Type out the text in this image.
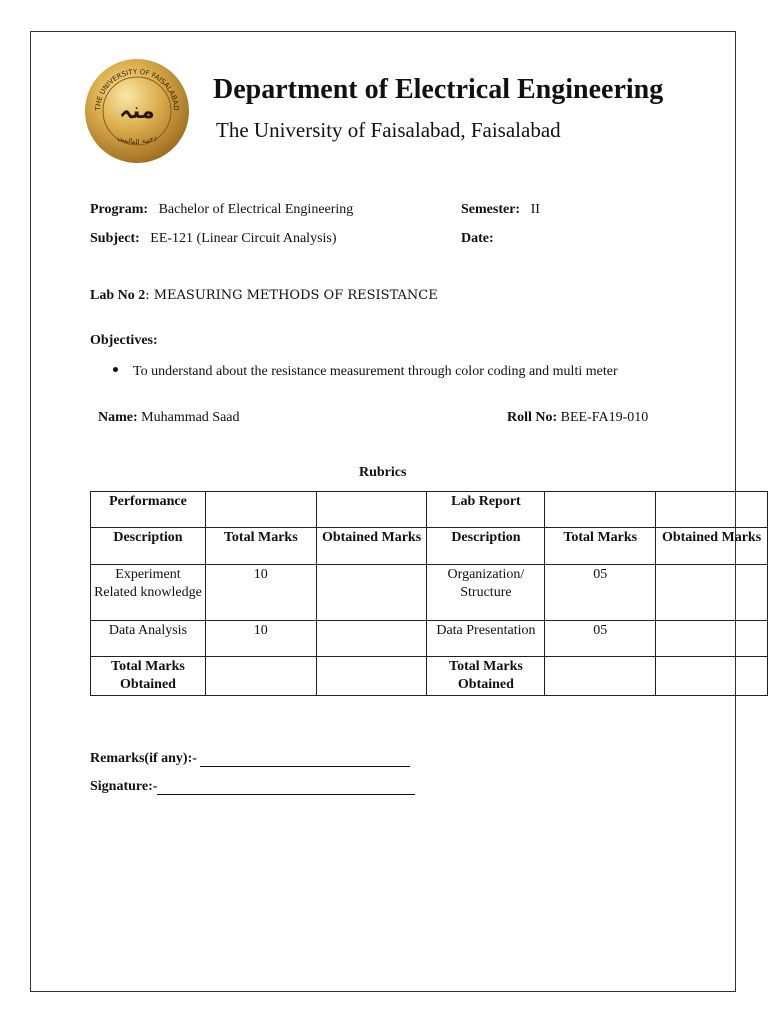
THE UNIVERSITY OF FAISALABAD
منہ
رحمۃ للعالمین
Department of Electrical Engineering
The University of Faisalabad, Faisalabad
Program: Bachelor of Electrical Engineering	Semester: II
Subject: EE-121 (Linear Circuit Analysis)	Date:
Lab No 2: MEASURING METHODS OF RESISTANCE
Objectives:
To understand about the resistance measurement through color coding and multi meter
Name: Muhammad Saad	Roll No: BEE-FA19-010
Rubrics
Performance			Lab Report		
Description	Total Marks	Obtained Marks	Description	Total Marks	Obtained Marks
Experiment Related knowledge	10		Organization/ Structure	05	
Data Analysis	10		Data Presentation	05	
Total Marks Obtained			Total Marks Obtained		
Remarks(if any):-
Signature:-
